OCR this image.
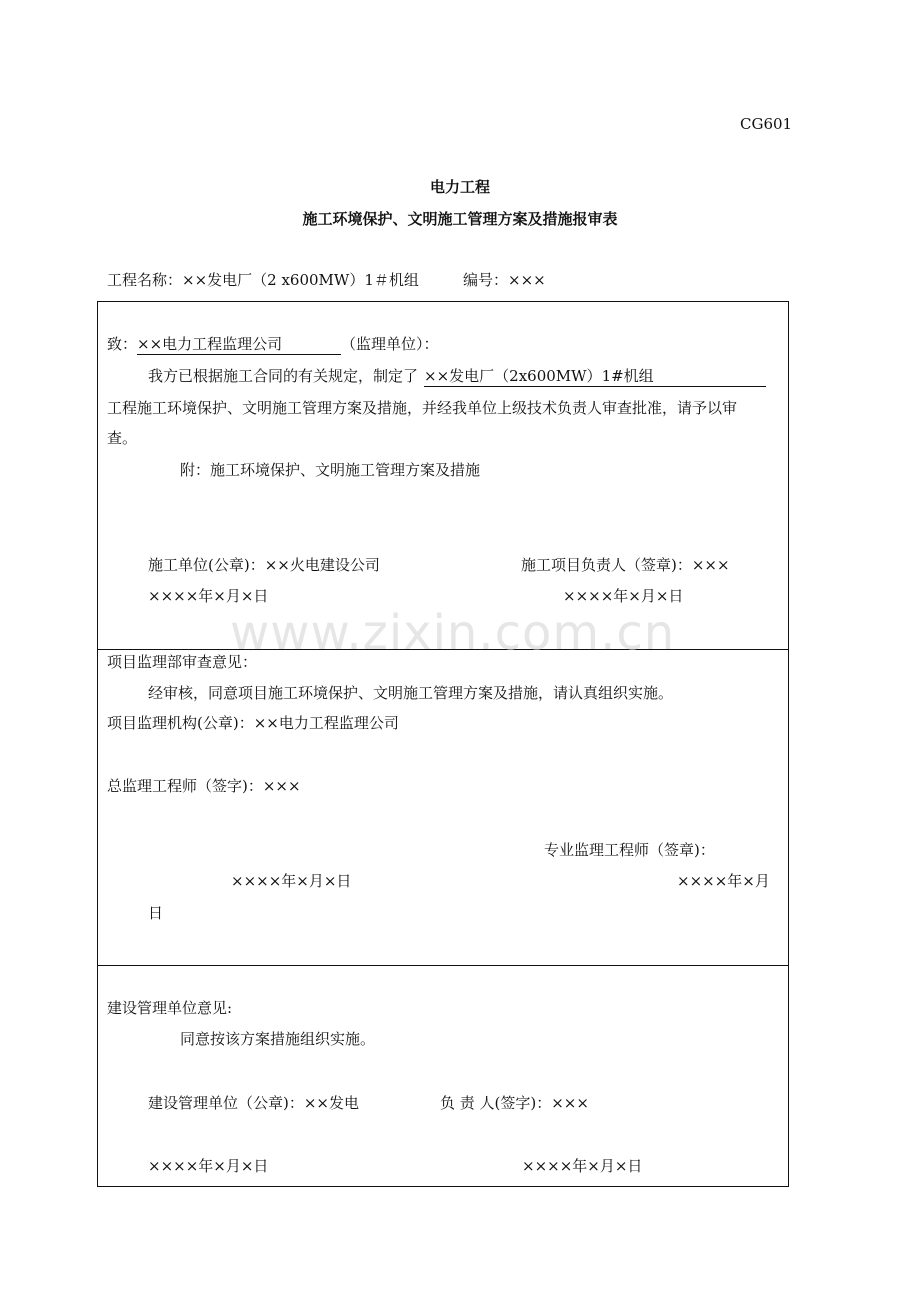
CG601
电力工程
施工环境保护、文明施工管理方案及措施报审表
工程名称：××发电厂（2 x600MW）1＃机组	编号：×××
www.zixin.com.cn
致：××电力工程监理公司	（监理单位）：
我方已根据施工合同的有关规定，制定了 ××发电厂（2x600MW）1#机组
工程施工环境保护、文明施工管理方案及措施，并经我单位上级技术负责人审查批准，请予以审
查。
附：施工环境保护、文明施工管理方案及措施
施工单位(公章)：××火电建设公司	施工项目负责人（签章)：×××
××××年×月×日	××××年×月×日
项目监理部审查意见：
经审核，同意项目施工环境保护、文明施工管理方案及措施，请认真组织实施。
项目监理机构(公章)：××电力工程监理公司
总监理工程师（签字)：×××
专业监理工程师（签章)：
××××年×月×日	××××年×月
日
建设管理单位意见:
同意按该方案措施组织实施。
建设管理单位（公章)：××发电	负 责 人(签字)：×××
××××年×月×日	××××年×月×日
